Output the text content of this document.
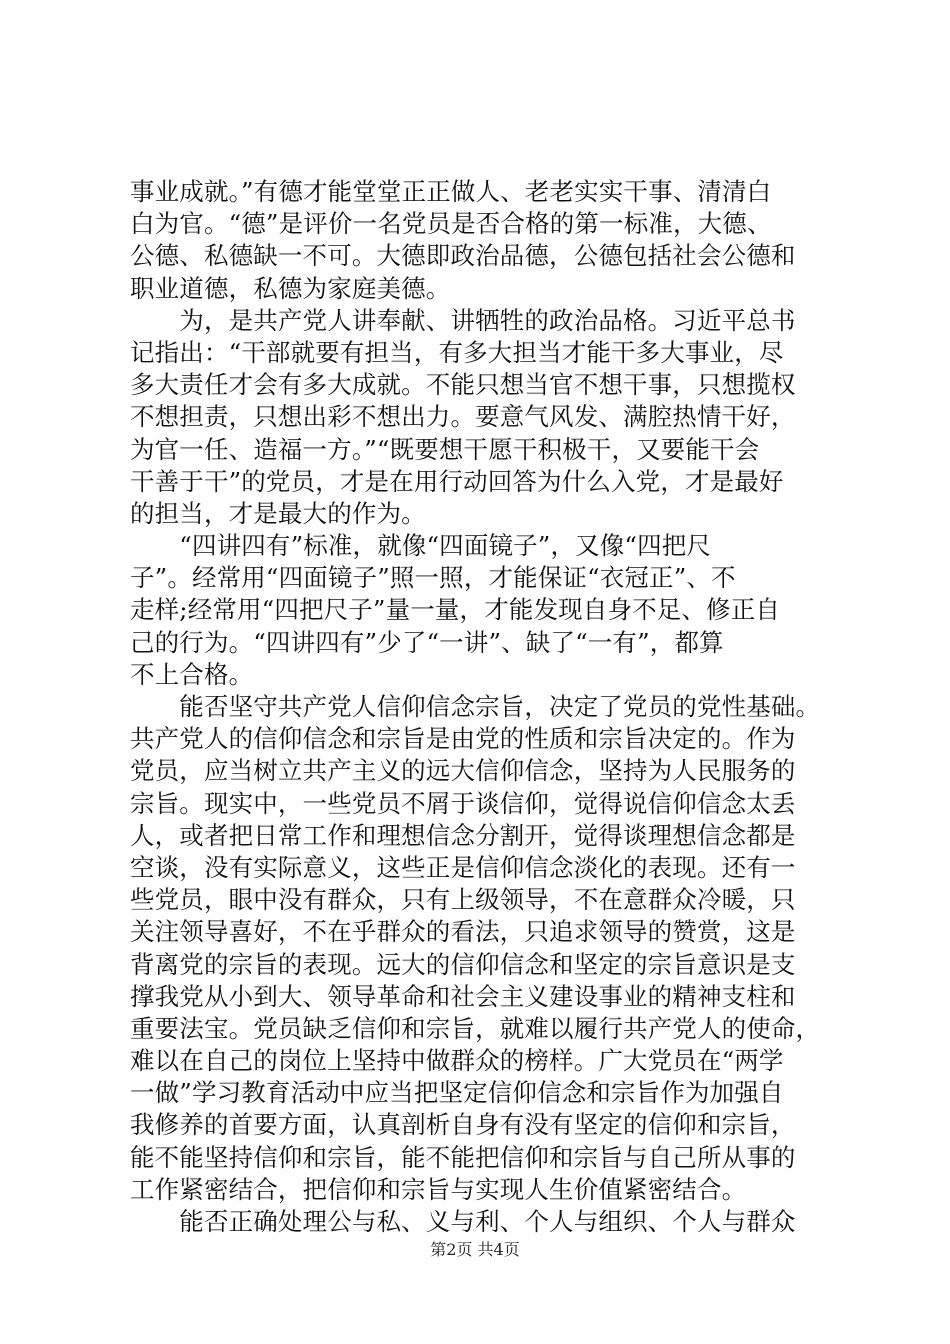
事业成就。”有德才能堂堂正正做人、老老实实干事、清清白
白为官。“德”是评价一名党员是否合格的第一标准，大德、
公德、私德缺一不可。大德即政治品德，公德包括社会公德和
职业道德，私德为家庭美德。
　　为，是共产党人讲奉献、讲牺牲的政治品格。习近平总书
记指出：“干部就要有担当，有多大担当才能干多大事业，尽
多大责任才会有多大成就。不能只想当官不想干事，只想揽权
不想担责，只想出彩不想出力。要意气风发、满腔热情干好，
为官一任、造福一方。”“既要想干愿干积极干，又要能干会
干善于干”的党员，才是在用行动回答为什么入党，才是最好
的担当，才是最大的作为。
　　“四讲四有”标准，就像“四面镜子”，又像“四把尺
子”。经常用“四面镜子”照一照，才能保证“衣冠正”、不
走样;经常用“四把尺子”量一量，才能发现自身不足、修正自
己的行为。“四讲四有”少了“一讲”、缺了“一有”，都算
不上合格。
　　能否坚守共产党人信仰信念宗旨，决定了党员的党性基础。
共产党人的信仰信念和宗旨是由党的性质和宗旨决定的。作为
党员，应当树立共产主义的远大信仰信念，坚持为人民服务的
宗旨。现实中，一些党员不屑于谈信仰，觉得说信仰信念太丢
人，或者把日常工作和理想信念分割开，觉得谈理想信念都是
空谈，没有实际意义，这些正是信仰信念淡化的表现。还有一
些党员，眼中没有群众，只有上级领导，不在意群众冷暖，只
关注领导喜好，不在乎群众的看法，只追求领导的赞赏，这是
背离党的宗旨的表现。远大的信仰信念和坚定的宗旨意识是支
撑我党从小到大、领导革命和社会主义建设事业的精神支柱和
重要法宝。党员缺乏信仰和宗旨，就难以履行共产党人的使命，
难以在自己的岗位上坚持中做群众的榜样。广大党员在“两学
一做”学习教育活动中应当把坚定信仰信念和宗旨作为加强自
我修养的首要方面，认真剖析自身有没有坚定的信仰和宗旨，
能不能坚持信仰和宗旨，能不能把信仰和宗旨与自己所从事的
工作紧密结合，把信仰和宗旨与实现人生价值紧密结合。
　　能否正确处理公与私、义与利、个人与组织、个人与群众
第2页 共4页
